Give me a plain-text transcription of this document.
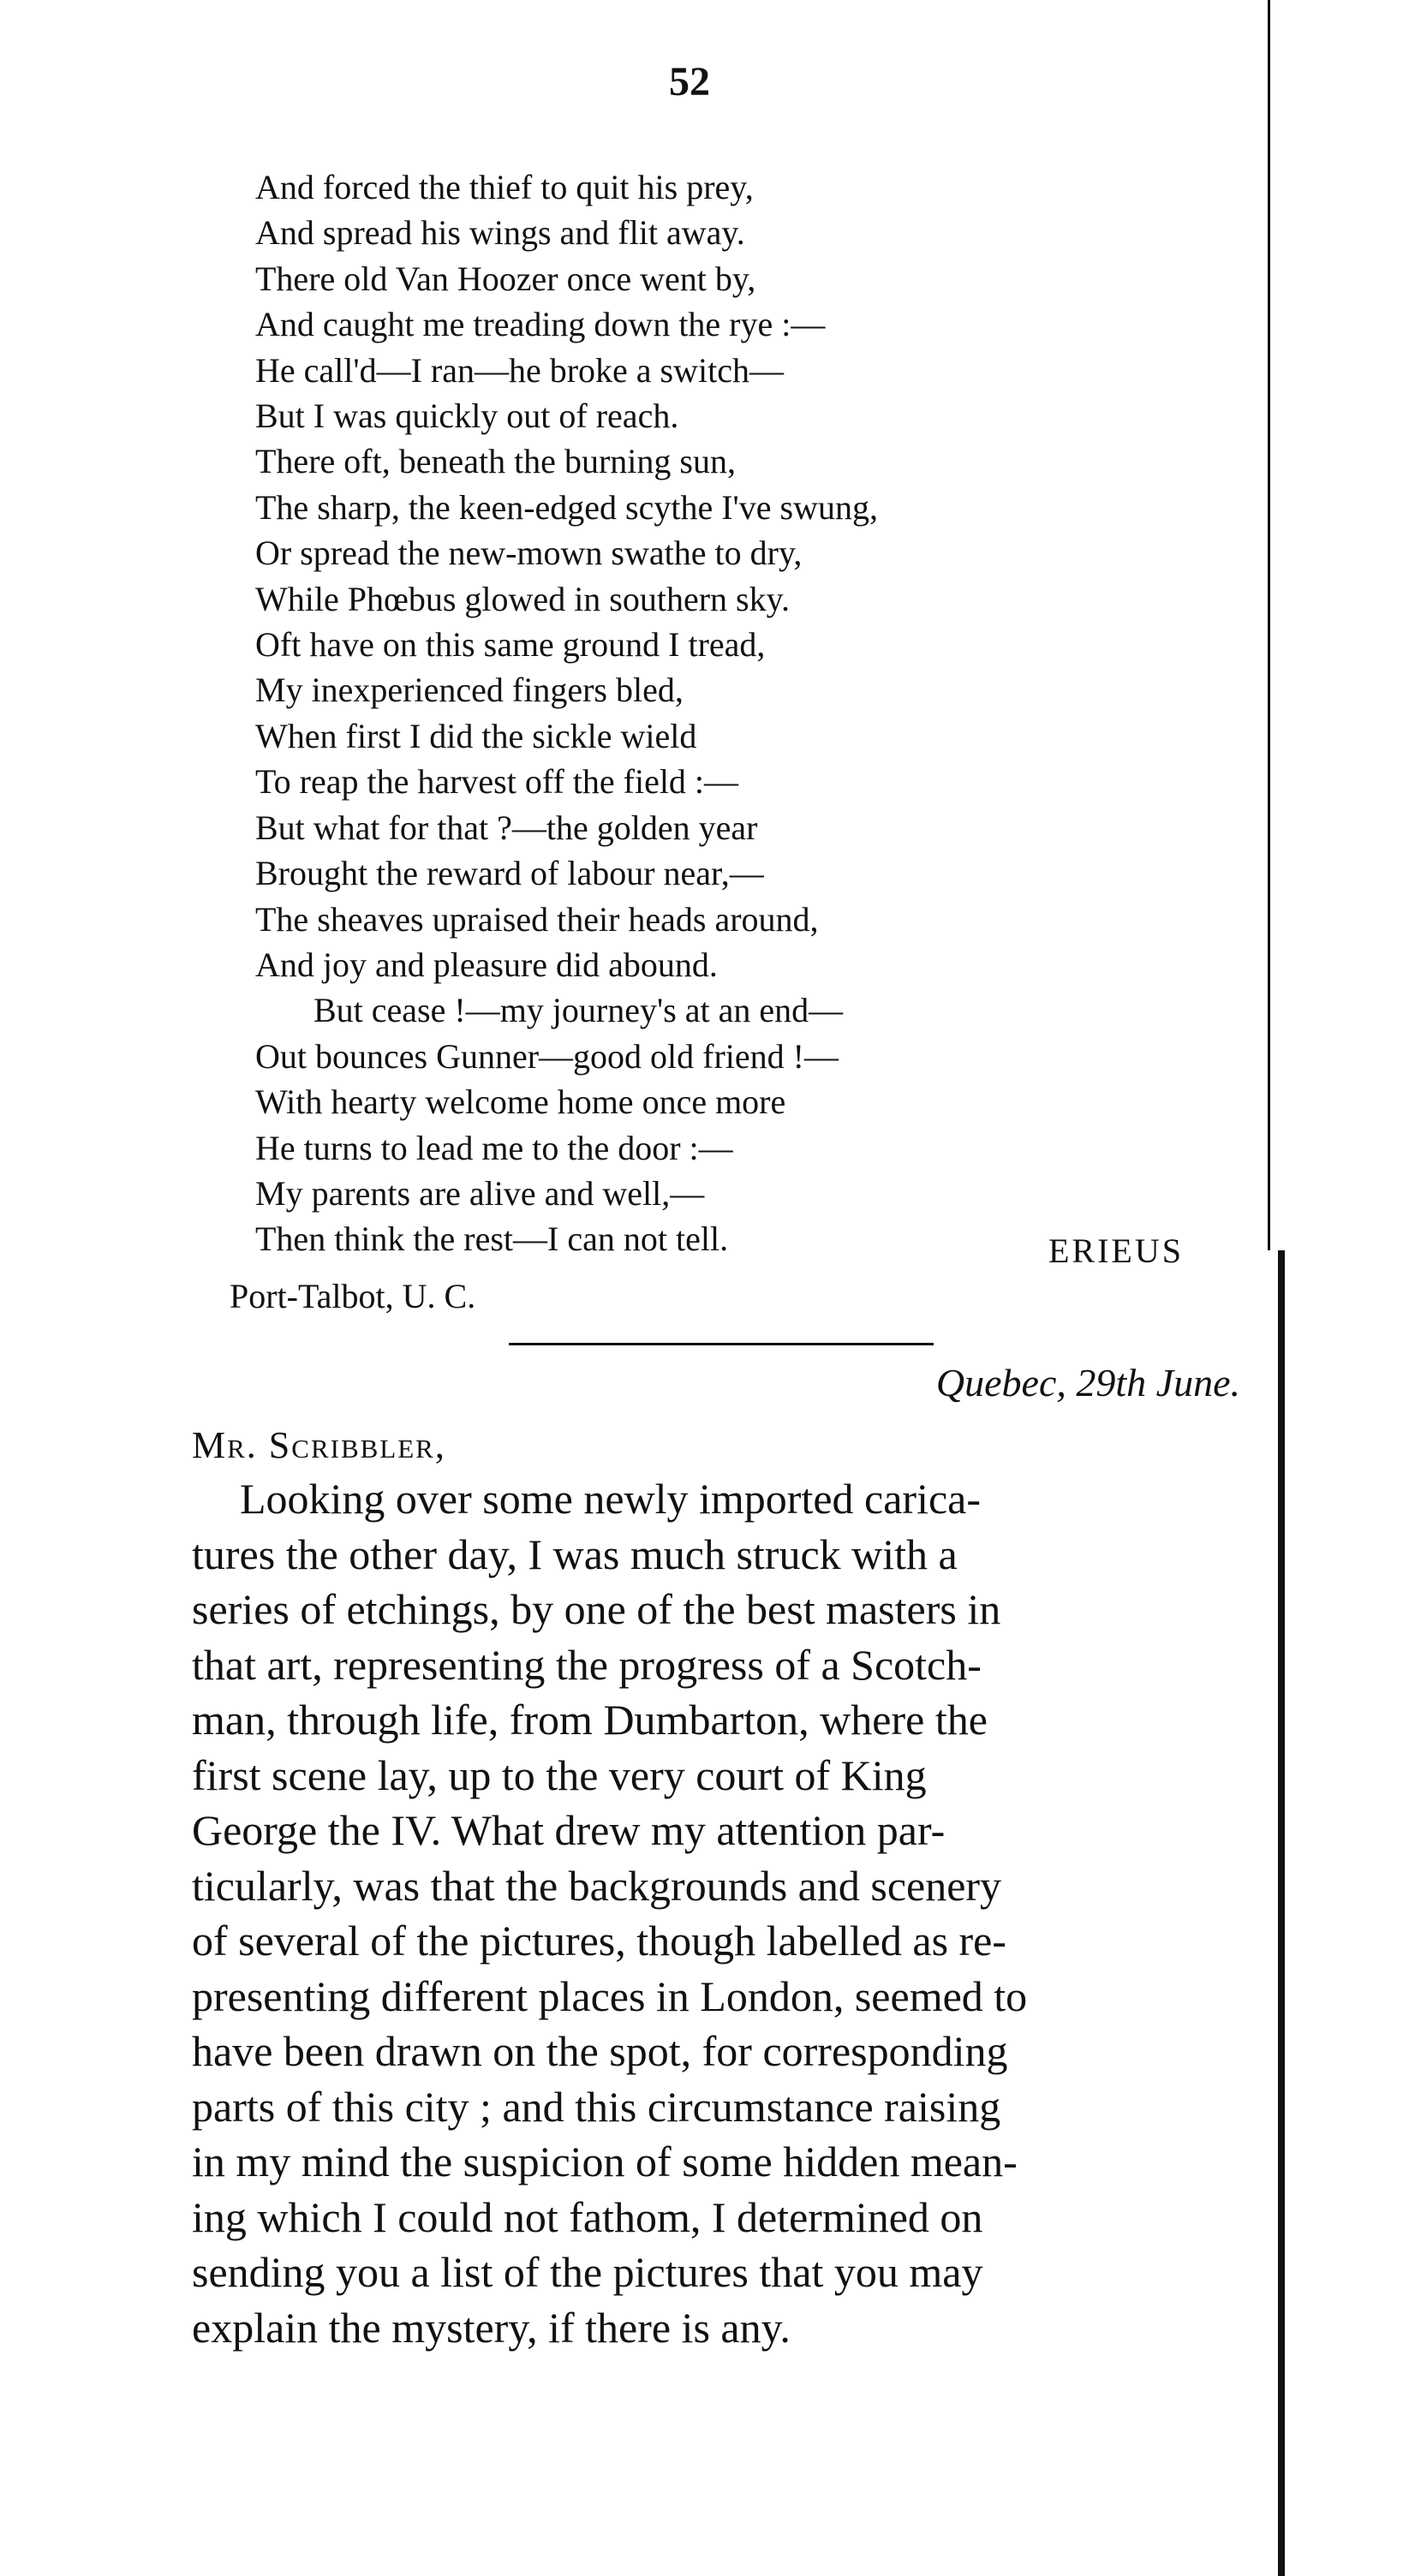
52
And forced the thief to quit his prey,
And spread his wings and flit away.
There old Van Hoozer once went by,
And caught me treading down the rye :—
He call'd—I ran—he broke a switch—
But I was quickly out of reach.
There oft, beneath the burning sun,
The sharp, the keen-edged scythe I've swung,
Or spread the new-mown swathe to dry,
While Phœbus glowed in southern sky.
Oft have on this same ground I tread,
My inexperienced fingers bled,
When first I did the sickle wield
To reap the harvest off the field :—
But what for that ?—the golden year
Brought the reward of labour near,—
The sheaves upraised their heads around,
And joy and pleasure did abound.
But cease !—my journey's at an end—
Out bounces Gunner—good old friend !—
With hearty welcome home once more
He turns to lead me to the door :—
My parents are alive and well,—
Then think the rest—I can not tell.	ERIEUS
Port-Talbot, U. C.
Quebec, 29th June.
Mr. Scribbler,
Looking over some newly imported carica-
tures the other day, I was much struck with a
series of etchings, by one of the best masters in
that art, representing the progress of a Scotch-
man, through life, from Dumbarton, where the
first scene lay, up to the very court of King
George the IV. What drew my attention par-
ticularly, was that the backgrounds and scenery
of several of the pictures, though labelled as re-
presenting different places in London, seemed to
have been drawn on the spot, for corresponding
parts of this city ; and this circumstance raising
in my mind the suspicion of some hidden mean-
ing which I could not fathom, I determined on
sending you a list of the pictures that you may
explain the mystery, if there is any.
